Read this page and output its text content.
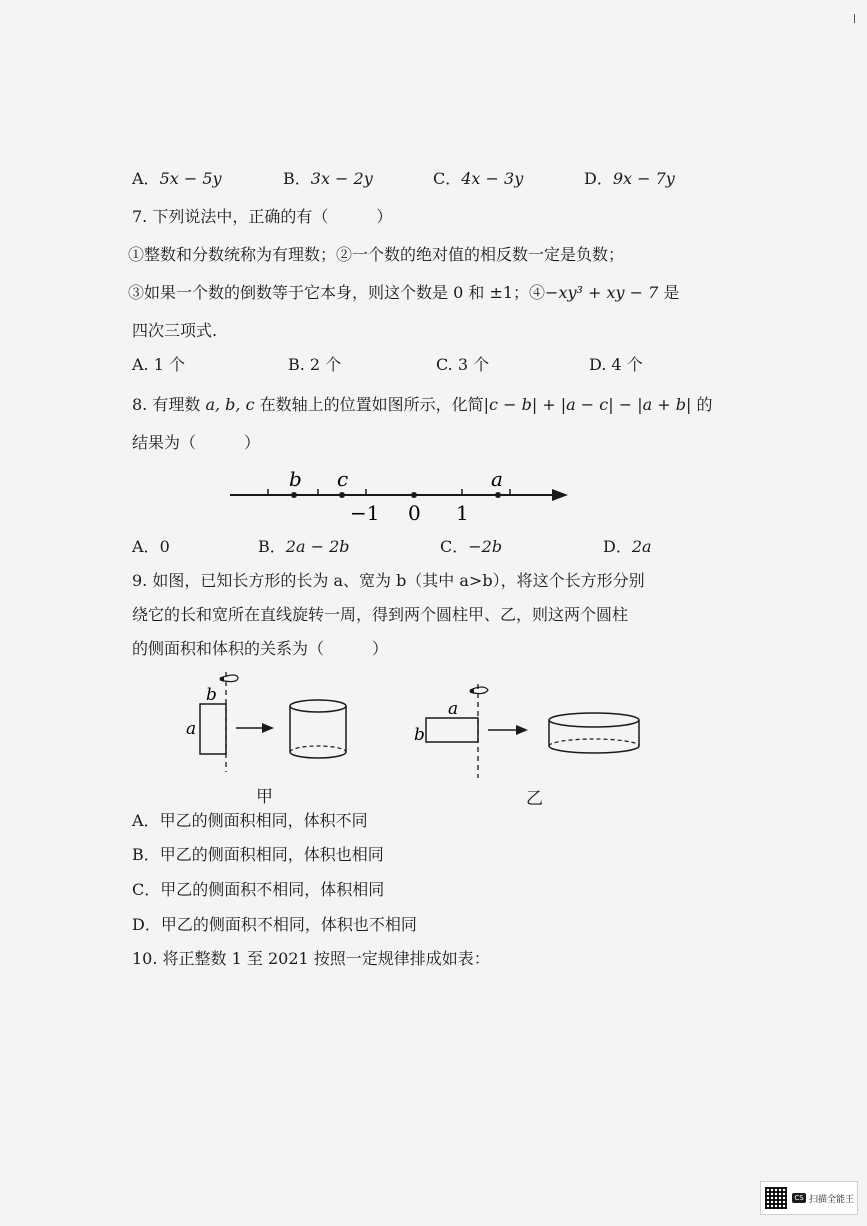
A．5x − 5y	B．3x − 2y	C．4x − 3y	D．9x − 7y
7. 下列说法中，正确的有（　　　）
①整数和分数统称为有理数；②一个数的绝对值的相反数一定是负数；
③如果一个数的倒数等于它本身，则这个数是 0 和 ±1；④−xy³ + xy − 7 是
四次三项式.
A. 1 个	B. 2 个	C. 3 个	D. 4 个
8. 有理数 a, b, c 在数轴上的位置如图所示，化简|c − b| + |a − c| − |a + b| 的
结果为（　　　）
b c	a
−1 0 1
A．0	B．2a − 2b	C．−2b	D．2a
9. 如图，已知长方形的长为 a、宽为 b（其中 a>b），将这个长方形分别
绕它的长和宽所在直线旋转一周，得到两个圆柱甲、乙，则这两个圆柱
的侧面积和体积的关系为（　　　）
b
a
甲
a
b
乙
A．甲乙的侧面积相同，体积不同
B．甲乙的侧面积相同，体积也相同
C．甲乙的侧面积不相同，体积相同
D．甲乙的侧面积不相同，体积也不相同
10. 将正整数 1 至 2021 按照一定规律排成如表：
CS 扫描全能王
